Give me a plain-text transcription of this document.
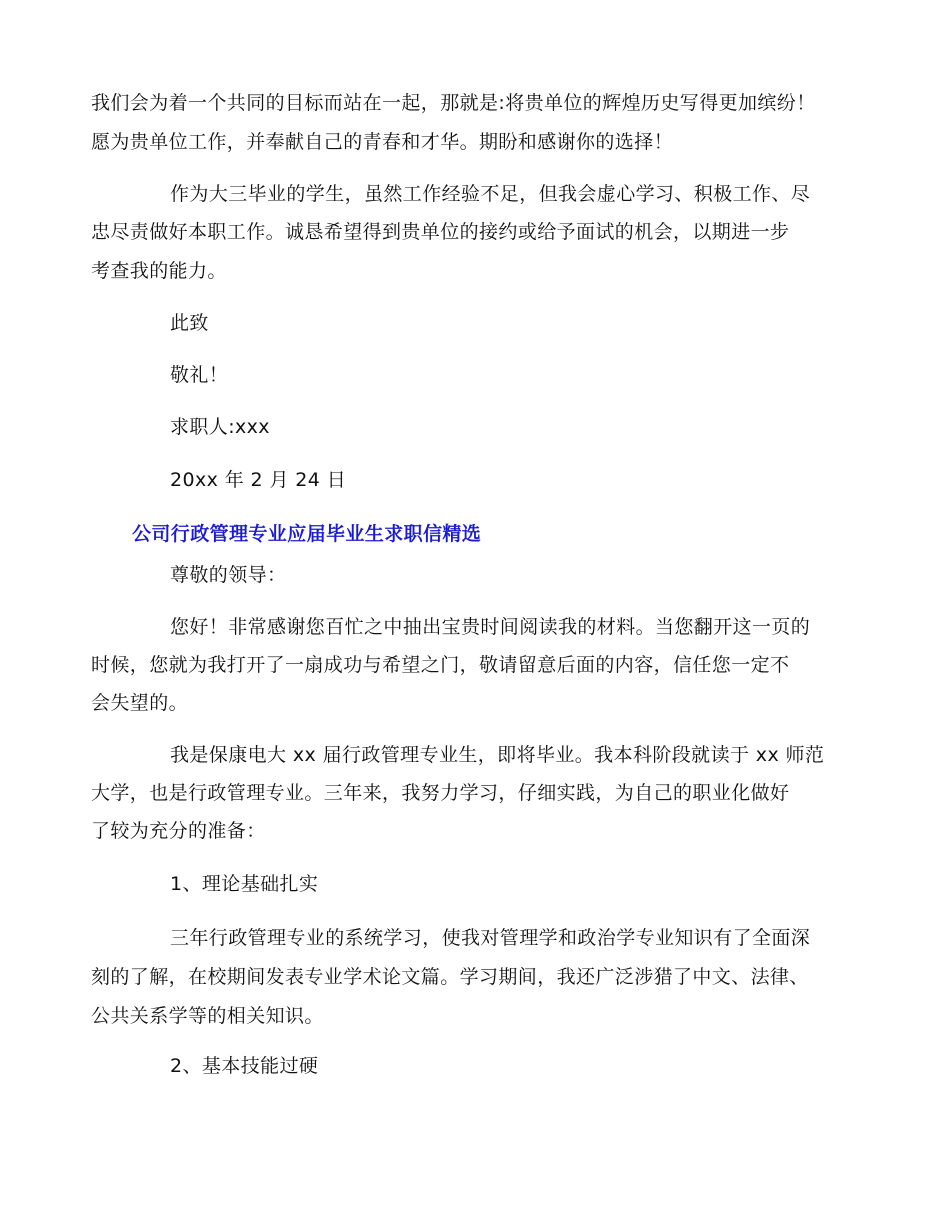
我们会为着一个共同的目标而站在一起，那就是:将贵单位的辉煌历史写得更加缤纷！
愿为贵单位工作，并奉献自己的青春和才华。期盼和感谢你的选择！
作为大三毕业的学生，虽然工作经验不足，但我会虚心学习、积极工作、尽
忠尽责做好本职工作。诚恳希望得到贵单位的接约或给予面试的机会，以期进一步
考查我的能力。
此致
敬礼！
求职人:xxx
20xx 年 2 月 24 日
公司行政管理专业应届毕业生求职信精选
尊敬的领导：
您好！非常感谢您百忙之中抽出宝贵时间阅读我的材料。当您翻开这一页的
时候，您就为我打开了一扇成功与希望之门，敬请留意后面的内容，信任您一定不
会失望的。
我是保康电大 xx 届行政管理专业生，即将毕业。我本科阶段就读于 xx 师范
大学，也是行政管理专业。三年来，我努力学习，仔细实践，为自己的职业化做好
了较为充分的准备：
1、理论基础扎实
三年行政管理专业的系统学习，使我对管理学和政治学专业知识有了全面深
刻的了解，在校期间发表专业学术论文篇。学习期间，我还广泛涉猎了中文、法律、
公共关系学等的相关知识。
2、基本技能过硬
